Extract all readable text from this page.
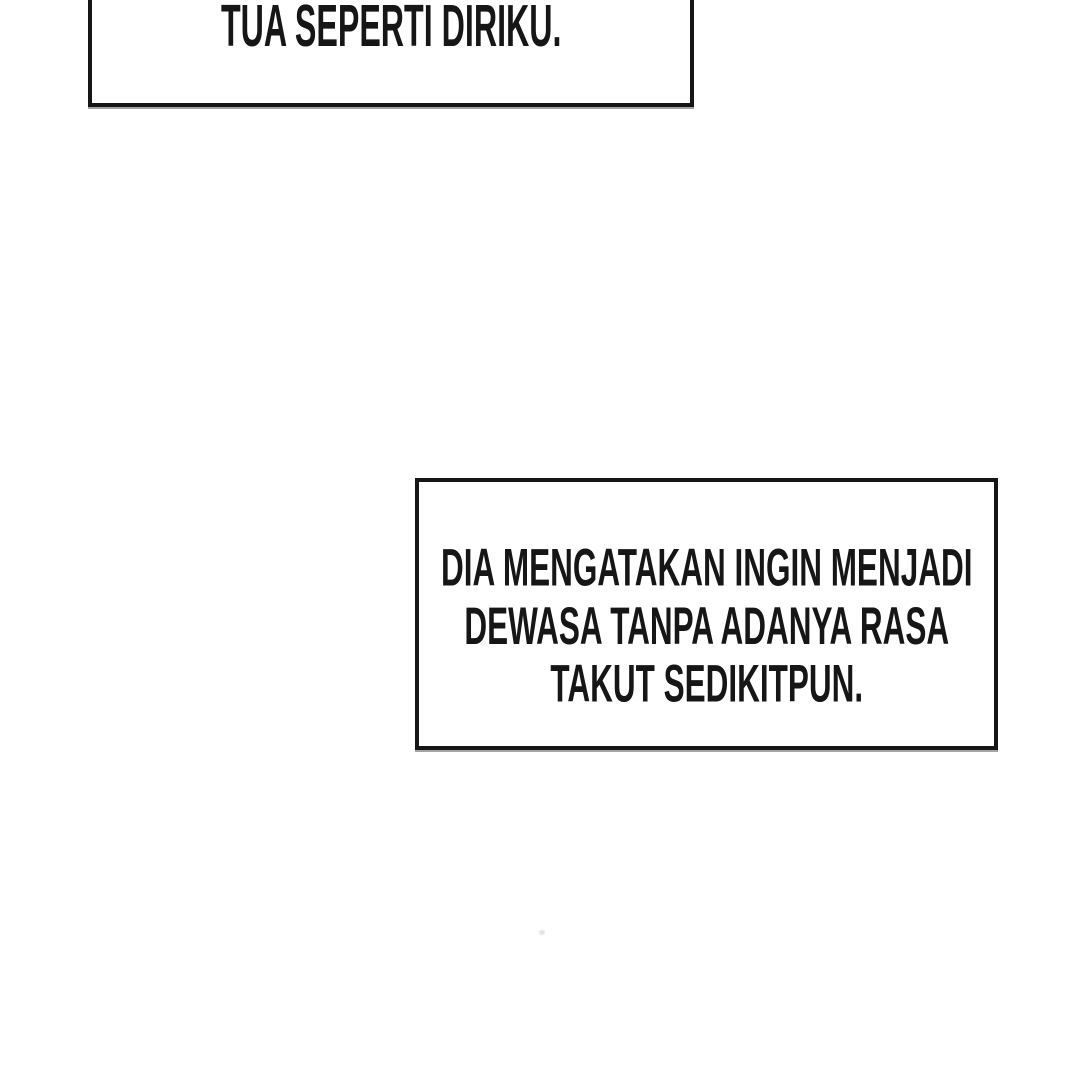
TUA SEPERTI DIRIKU.
DIA MENGATAKAN INGIN MENJADI
DEWASA TANPA ADANYA RASA
TAKUT SEDIKITPUN.
